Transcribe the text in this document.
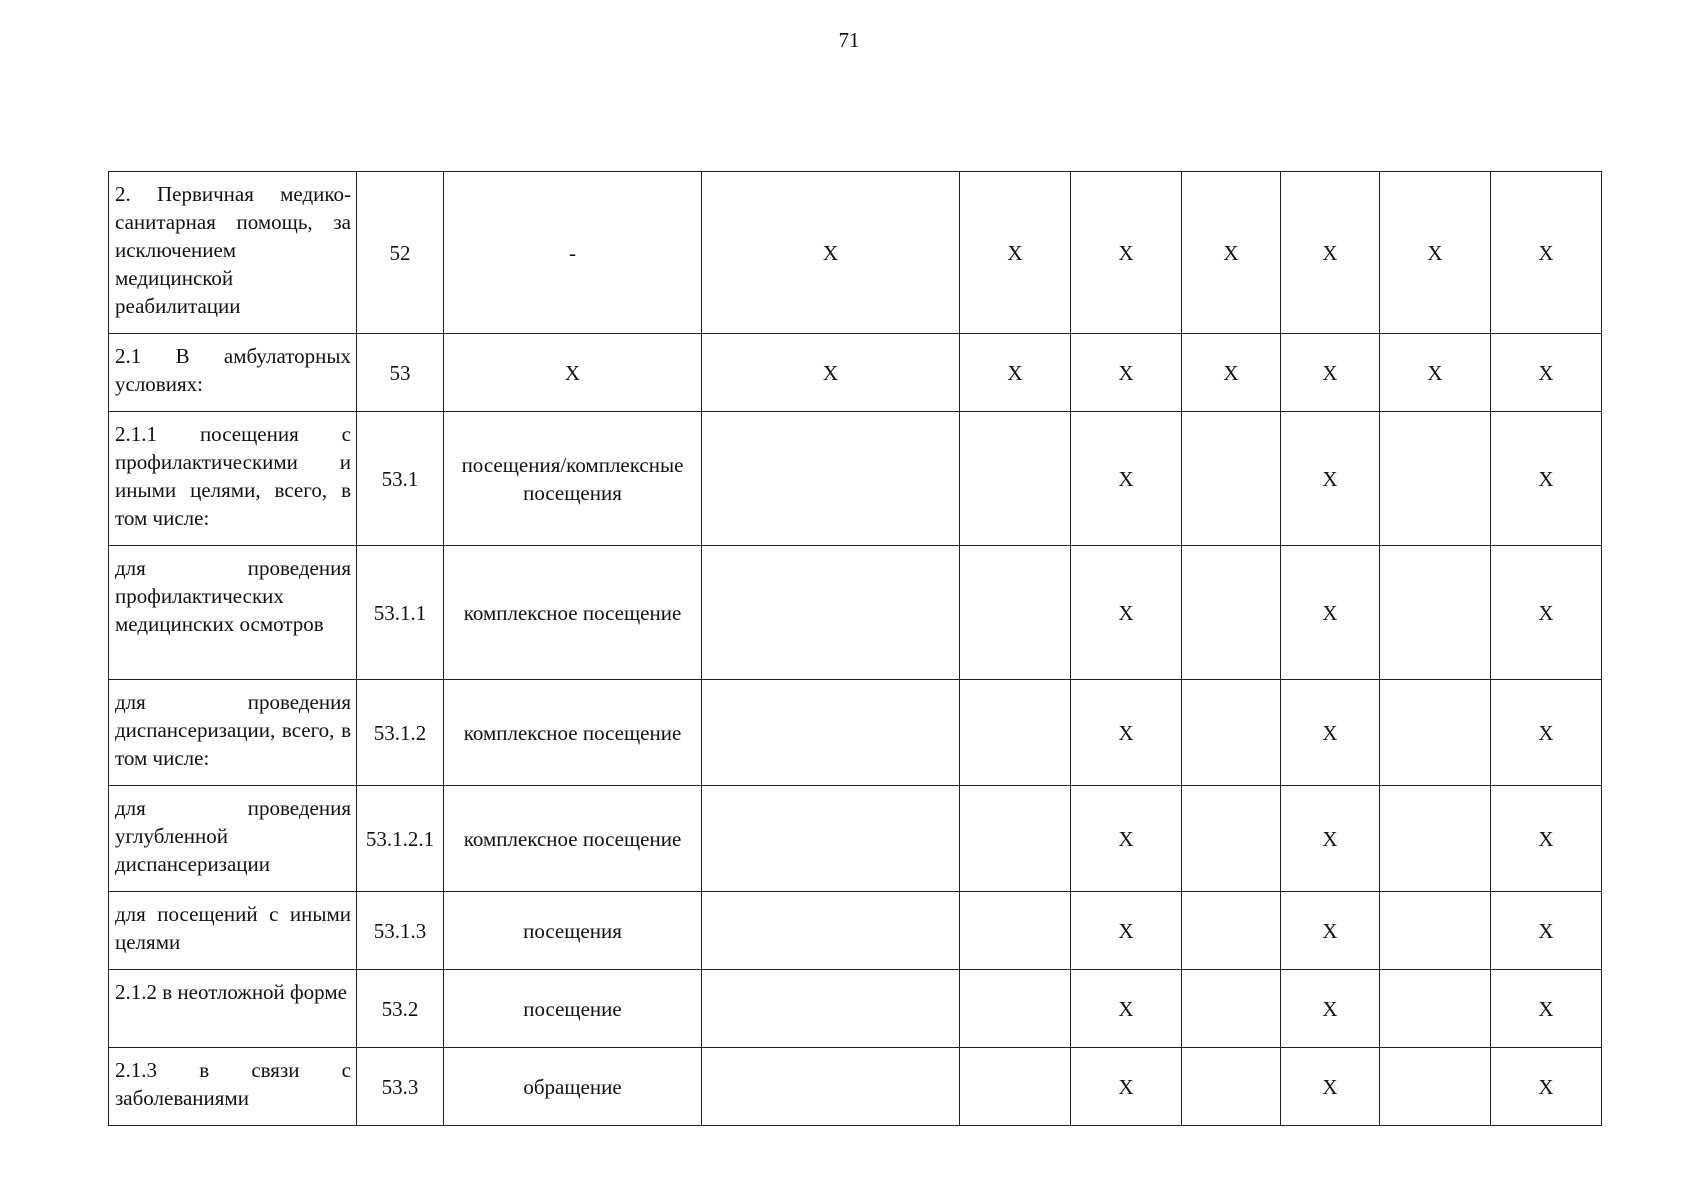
71
2. Первичная медико-санитарная помощь, за исключением медицинской реабилитации	52	-	Х	Х	Х	Х	Х	Х	Х
2.1 В амбулаторных условиях:	53	Х	Х	Х	Х	Х	Х	Х	Х
2.1.1 посещения с профилактическими и иными целями, всего, в том числе:	53.1	посещения/комплексные посещения			Х		Х		Х
для проведения профилактических медицинских осмотров	53.1.1	комплексное посещение			Х		Х		Х
для проведения диспансеризации, всего, в том числе:	53.1.2	комплексное посещение			Х		Х		Х
для проведения углубленной диспансеризации	53.1.2.1	комплексное посещение			Х		Х		Х
для посещений с иными целями	53.1.3	посещения			Х		Х		Х
2.1.2 в неотложной форме	53.2	посещение			Х		Х		Х
2.1.3 в связи с заболеваниями	53.3	обращение			Х		Х		Х
